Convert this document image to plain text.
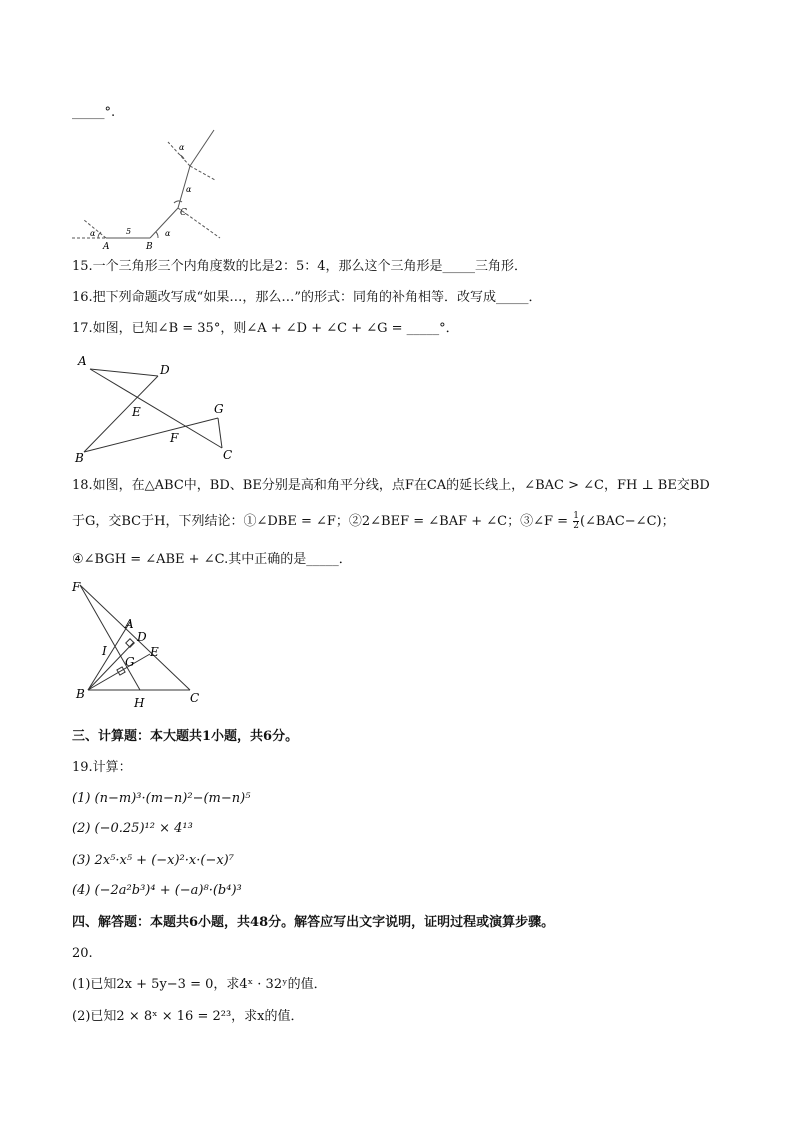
_____°.
A	B
C
5
α	α
α
α
15.一个三角形三个内角度数的比是2：5：4，那么这个三角形是_____三角形．
16.把下列命题改写成“如果…，那么…”的形式：同角的补角相等．改写成_____．
17.如图，已知∠B = 35°，则∠A + ∠D + ∠C + ∠G = _____°．
A
D
E	G
F
B	C
18.如图，在△ABC中，BD、BE分别是高和角平分线，点F在CA的延长线上，∠BAC > ∠C，FH ⊥ BE交BD
于G，交BC于H，下列结论：①∠DBE = ∠F；②2∠BEF = ∠BAF + ∠C；③∠F = $\frac{1}{2}$ (∠BAC−∠C)；
④∠BGH = ∠ABE + ∠C.其中正确的是_____．
F
A
D
I	E
G
B
H	C
三、计算题：本大题共1小题，共6分。
19.计算：
(1) (n−m)³·(m−n)²−(m−n)⁵
(2) (−0.25)¹² × 4¹³
(3) 2x⁵·x⁵ + (−x)²·x·(−x)⁷
(4) (−2a²b³)⁴ + (−a)⁸·(b⁴)³
四、解答题：本题共6小题，共48分。解答应写出文字说明，证明过程或演算步骤。
20.
(1)已知2x + 5y−3 = 0，求4ˣ · 32ʸ的值．
(2)已知2 × 8ˣ × 16 = 2²³，求x的值．
